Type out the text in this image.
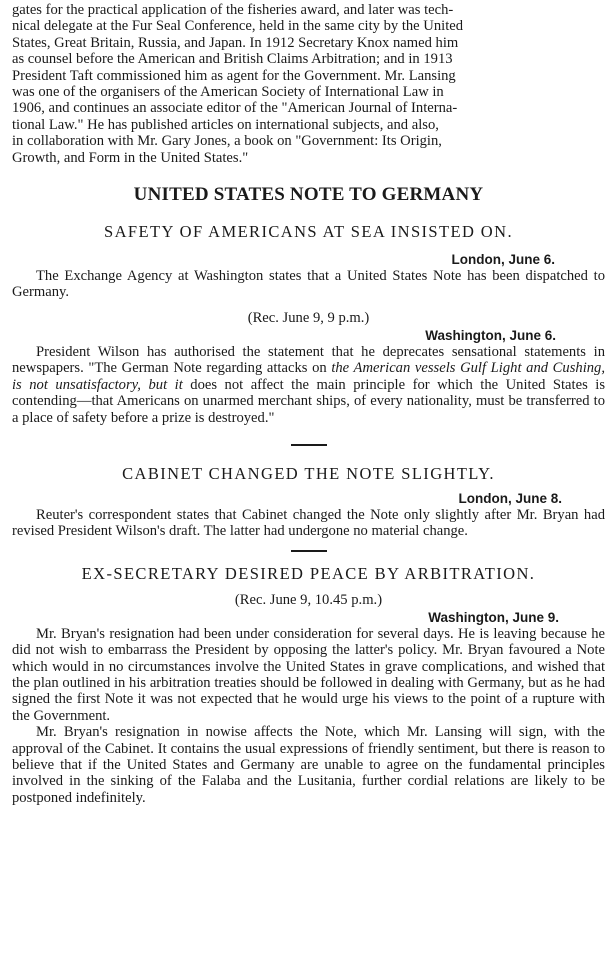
gates for the practical application of the fisheries award, and later was tech-
nical delegate at the Fur Seal Conference, held in the same city by the United
States, Great Britain, Russia, and Japan. In 1912 Secretary Knox named him
as counsel before the American and British Claims Arbitration; and in 1913
President Taft commissioned him as agent for the Government. Mr. Lansing
was one of the organisers of the American Society of International Law in
1906, and continues an associate editor of the "American Journal of Interna-
tional Law." He has published articles on international subjects, and also,
in collaboration with Mr. Gary Jones, a book on "Government: Its Origin,
Growth, and Form in the United States."

UNITED STATES NOTE TO GERMANY
SAFETY OF AMERICANS AT SEA INSISTED ON.
London, June 6.

The Exchange Agency at Washington states that a United States Note has been dispatched to Germany.

(Rec. June 9, 9 p.m.)
Washington, June 6.

President Wilson has authorised the statement that he deprecates sensational statements in newspapers. "The German Note regarding attacks on the American vessels Gulf Light and Cushing, is not unsatisfactory, but it does not affect the main principle for which the United States is contending—that Americans on unarmed merchant ships, of every nationality, must be transferred to a place of safety before a prize is destroyed."

CABINET CHANGED THE NOTE SLIGHTLY.
London, June 8.

Reuter's correspondent states that Cabinet changed the Note only slightly after Mr. Bryan had revised President Wilson's draft. The latter had undergone no material change.

EX-SECRETARY DESIRED PEACE BY ARBITRATION.
(Rec. June 9, 10.45 p.m.)
Washington, June 9.

Mr. Bryan's resignation had been under consideration for several days. He is leaving because he did not wish to embarrass the President by opposing the latter's policy. Mr. Bryan favoured a Note which would in no circumstances involve the United States in grave complications, and wished that the plan outlined in his arbitration treaties should be followed in dealing with Germany, but as he had signed the first Note it was not expected that he would urge his views to the point of a rupture with the Government.

Mr. Bryan's resignation in nowise affects the Note, which Mr. Lansing will sign, with the approval of the Cabinet. It contains the usual expressions of friendly sentiment, but there is reason to believe that if the United States and Germany are unable to agree on the fundamental principles involved in the sinking of the Falaba and the Lusitania, further cordial relations are likely to be postponed indefinitely.
